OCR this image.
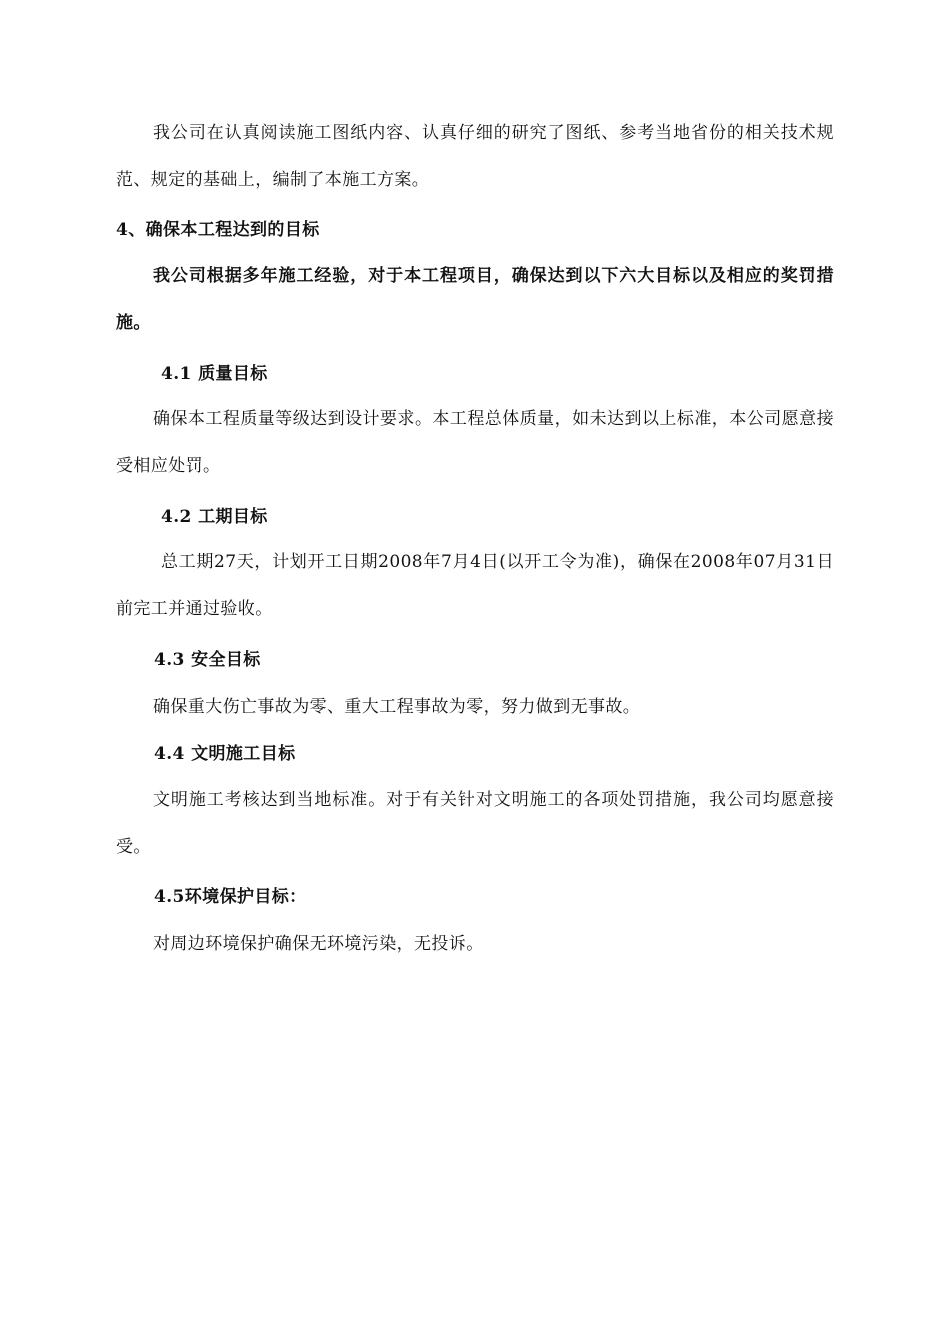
我公司在认真阅读施工图纸内容、认真仔细的研究了图纸、参考当地省份的相关技术规范、规定的基础上，编制了本施工方案。
4、确保本工程达到的目标
我公司根据多年施工经验，对于本工程项目，确保达到以下六大目标以及相应的奖罚措施。
4.1 质量目标
确保本工程质量等级达到设计要求。本工程总体质量，如未达到以上标准，本公司愿意接受相应处罚。
4.2 工期目标
总工期27天，计划开工日期2008年7月4日(以开工令为准)，确保在2008年07月31日前完工并通过验收。
4.3 安全目标
确保重大伤亡事故为零、重大工程事故为零，努力做到无事故。
4.4 文明施工目标
文明施工考核达到当地标准。对于有关针对文明施工的各项处罚措施，我公司均愿意接受。
4.5环境保护目标：
对周边环境保护确保无环境污染，无投诉。
